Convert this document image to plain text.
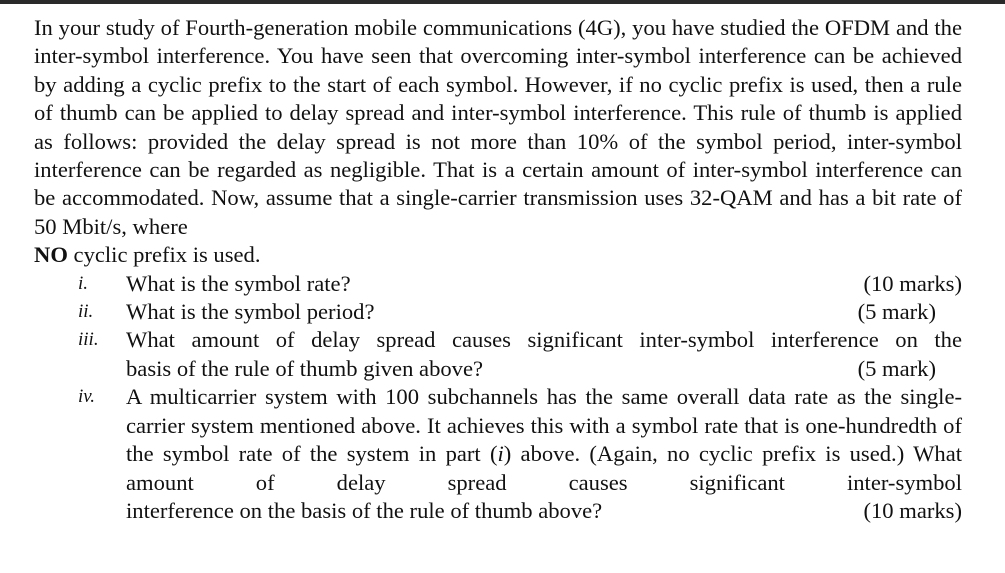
In your study of Fourth-generation mobile communications (4G), you have studied the OFDM and the inter-symbol interference. You have seen that overcoming inter-symbol interference can be achieved by adding a cyclic prefix to the start of each symbol. However, if no cyclic prefix is used, then a rule of thumb can be applied to delay spread and inter-symbol interference. This rule of thumb is applied as follows: provided the delay spread is not more than 10% of the symbol period, inter-symbol interference can be regarded as negligible. That is a certain amount of inter-symbol interference can be accommodated. Now, assume that a single-carrier transmission uses 32-QAM and has a bit rate of 50 Mbit/s, where
NO cyclic prefix is used.

i.	What is the symbol rate?	(10 marks)
ii.	What is the symbol period?	(5 mark)
iii.	What amount of delay spread causes significant inter-symbol interference on the
basis of the rule of thumb given above?	(5 mark)
iv.	A multicarrier system with 100 subchannels has the same overall data rate as the single-carrier system mentioned above. It achieves this with a symbol rate that is one-hundredth of the symbol rate of the system in part (i) above. (Again, no cyclic prefix is used.) What amount of delay spread causes significant inter-symbol
interference on the basis of the rule of thumb above?	(10 marks)
